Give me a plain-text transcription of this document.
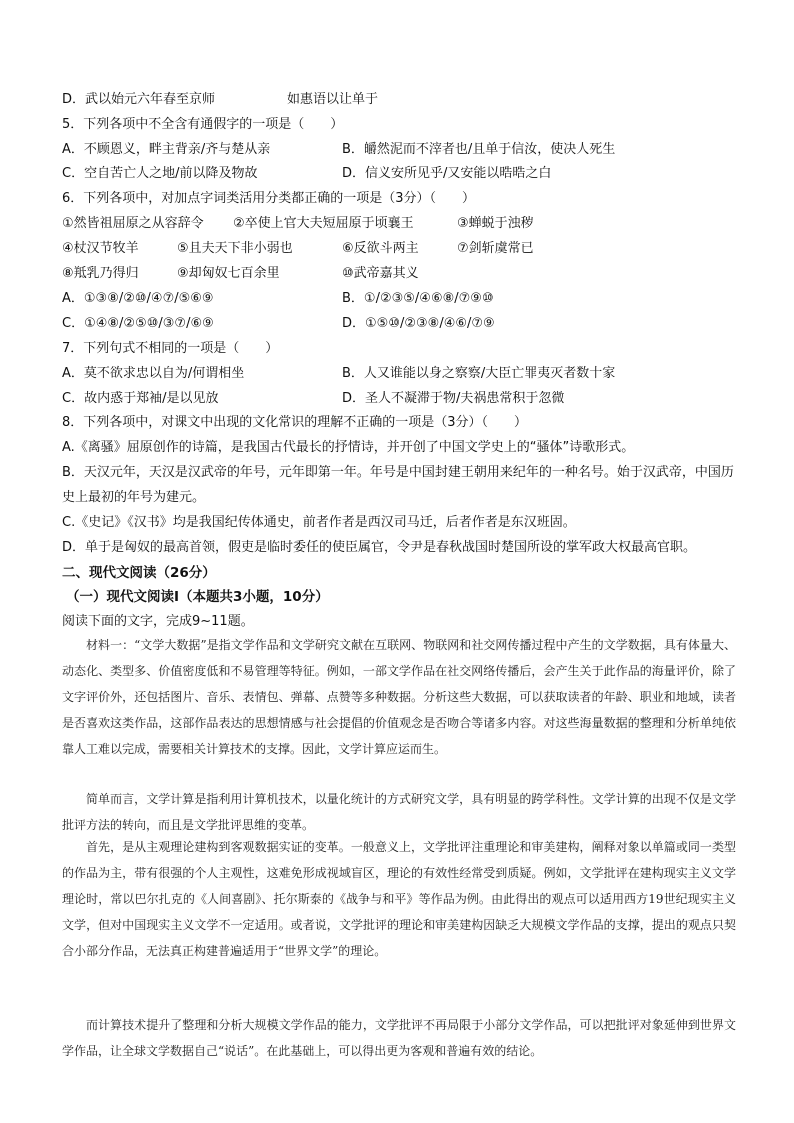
D．武以始元六年春至京师	如惠语以让单于
5．下列各项中不全含有通假字的一项是（　　）
A．不顾恩义，畔主背亲/齐与楚从亲	B．皭然泥而不滓者也/且单于信汝，使决人死生
C．空自苦亡人之地/前以降及物故	D．信义安所见乎/又安能以晧晧之白
6．下列各项中，对加点字词类活用分类都正确的一项是（3分）（　　）
①然皆祖屈原之从容辞令 ②卒使上官大夫短屈原于顷襄王	③蝉蜕于浊秽
④杖汉节牧羊	⑤且夫天下非小弱也	⑥反欲斗两主	⑦剑斩虞常已
⑧羝乳乃得归	⑨却匈奴七百余里	⑩武帝嘉其义
A．①③⑧/②⑩/④⑦/⑤⑥⑨	B．①/②③⑤/④⑥⑧/⑦⑨⑩
C．①④⑧/②⑤⑩/③⑦/⑥⑨	D．①⑤⑩/②③⑧/④⑥/⑦⑨
7．下列句式不相同的一项是（　　）
A．莫不欲求忠以自为/何谓相坐	B．人又谁能以身之察察/大臣亡罪夷灭者数十家
C．故内惑于郑袖/是以见放	D．圣人不凝滞于物/夫祸患常积于忽微
8．下列各项中，对课文中出现的文化常识的理解不正确的一项是（3分）（　　）
A.《离骚》屈原创作的诗篇，是我国古代最长的抒情诗，并开创了中国文学史上的“骚体”诗歌形式。
B．天汉元年，天汉是汉武帝的年号，元年即第一年。年号是中国封建王朝用来纪年的一种名号。始于汉武帝，中国历史上最初的年号为建元。
C.《史记》《汉书》均是我国纪传体通史，前者作者是西汉司马迁，后者作者是东汉班固。
D．单于是匈奴的最高首领，假吏是临时委任的使臣属官，令尹是春秋战国时楚国所设的掌军政大权最高官职。
二、现代文阅读（26分）
（一）现代文阅读Ⅰ（本题共3小题，10分）
阅读下面的文字，完成9~11题。
材料一：“文学大数据”是指文学作品和文学研究文献在互联网、物联网和社交网传播过程中产生的文学数据，具有体量大、动态化、类型多、价值密度低和不易管理等特征。例如，一部文学作品在社交网络传播后，会产生关于此作品的海量评价，除了文字评价外，还包括图片、音乐、表情包、弹幕、点赞等多种数据。分析这些大数据，可以获取读者的年龄、职业和地域，读者是否喜欢这类作品，这部作品表达的思想情感与社会提倡的价值观念是否吻合等诸多内容。对这些海量数据的整理和分析单纯依靠人工难以完成，需要相关计算技术的支撑。因此，文学计算应运而生。
简单而言，文学计算是指利用计算机技术，以量化统计的方式研究文学，具有明显的跨学科性。文学计算的出现不仅是文学批评方法的转向，而且是文学批评思维的变革。
首先，是从主观理论建构到客观数据实证的变革。一般意义上，文学批评注重理论和审美建构，阐释对象以单篇或同一类型的作品为主，带有很强的个人主观性，这难免形成视域盲区，理论的有效性经常受到质疑。例如，文学批评在建构现实主义文学理论时，常以巴尔扎克的《人间喜剧》、托尔斯泰的《战争与和平》等作品为例。由此得出的观点可以适用西方19世纪现实主义文学，但对中国现实主义文学不一定适用。或者说，文学批评的理论和审美建构因缺乏大规模文学作品的支撑，提出的观点只契合小部分作品，无法真正构建普遍适用于“世界文学”的理论。
而计算技术提升了整理和分析大规模文学作品的能力，文学批评不再局限于小部分文学作品，可以把批评对象延伸到世界文学作品，让全球文学数据自己“说话”。在此基础上，可以得出更为客观和普遍有效的结论。
